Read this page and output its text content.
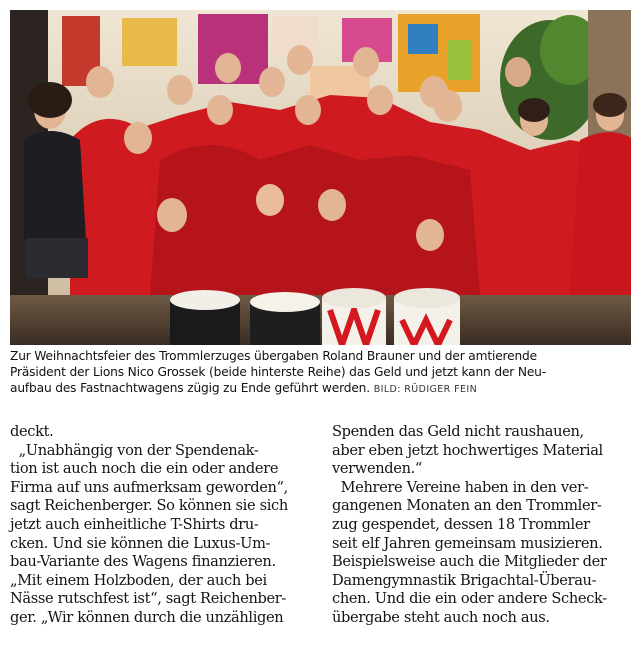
Zur Weihnachtsfeier des Trommlerzuges übergaben Roland Brauner und der amtierende
Präsident der Lions Nico Grossek (beide hinterste Reihe) das Geld und jetzt kann der Neu-
aufbau des Fastnachtwagens zügig zu Ende geführt werden. BILD: RÜDIGER FEIN

deckt.

„Unabhängig von der Spendenak-

tion ist auch noch die ein oder andere

Firma auf uns aufmerksam geworden“,

sagt Reichenberger. So können sie sich

jetzt auch einheitliche T-Shirts dru-

cken. Und sie können die Luxus-Um-

bau-Variante des Wagens finanzieren.

„Mit einem Holzboden, der auch bei

Nässe rutschfest ist“, sagt Reichenber-

ger. „Wir können durch die unzähligen

Spenden das Geld nicht raushauen,

aber eben jetzt hochwertiges Material

verwenden.“

Mehrere Vereine haben in den ver-

gangenen Monaten an den Trommler-

zug gespendet, dessen 18 Trommler

seit elf Jahren gemeinsam musizieren.

Beispielsweise auch die Mitglieder der

Damengymnastik Brigachtal-Überau-

chen. Und die ein oder andere Scheck-

übergabe steht auch noch aus.
